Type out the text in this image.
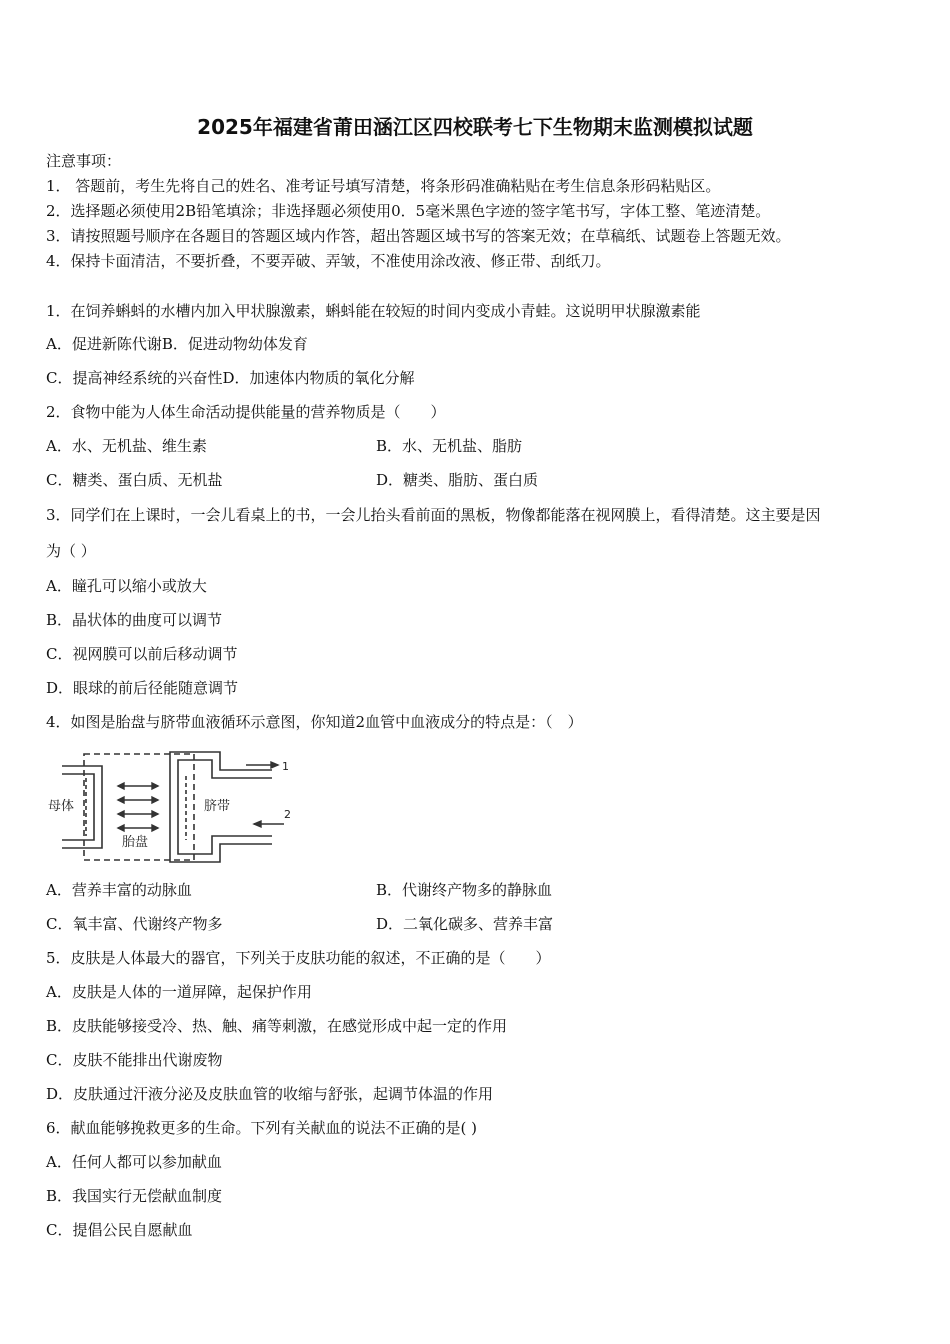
2025年福建省莆田涵江区四校联考七下生物期末监测模拟试题
注意事项：
1． 答题前，考生先将自己的姓名、准考证号填写清楚，将条形码准确粘贴在考生信息条形码粘贴区。
2．选择题必须使用2B铅笔填涂；非选择题必须使用0．5毫米黑色字迹的签字笔书写，字体工整、笔迹清楚。
3．请按照题号顺序在各题目的答题区域内作答，超出答题区域书写的答案无效；在草稿纸、试题卷上答题无效。
4．保持卡面清洁，不要折叠，不要弄破、弄皱，不准使用涂改液、修正带、刮纸刀。
1．在饲养蝌蚪的水槽内加入甲状腺激素，蝌蚪能在较短的时间内变成小青蛙。这说明甲状腺激素能
A．促进新陈代谢B．促进动物幼体发育
C．提高神经系统的兴奋性D．加速体内物质的氧化分解
2．食物中能为人体生命活动提供能量的营养物质是（　　）
A．水、无机盐、维生素	B．水、无机盐、脂肪
C．糖类、蛋白质、无机盐	D．糖类、脂肪、蛋白质
3．同学们在上课时，一会儿看桌上的书，一会儿抬头看前面的黑板，物像都能落在视网膜上，看得清楚。这主要是因
为（ ）
A．瞳孔可以缩小或放大
B．晶状体的曲度可以调节
C．视网膜可以前后移动调节
D．眼球的前后径能随意调节
4．如图是胎盘与脐带血液循环示意图，你知道2血管中血液成分的特点是：（　）
母体	脐带
胎盘
1
2
A．营养丰富的动脉血	B．代谢终产物多的静脉血
C．氧丰富、代谢终产物多	D．二氧化碳多、营养丰富
5．皮肤是人体最大的器官，下列关于皮肤功能的叙述，不正确的是（　　）
A．皮肤是人体的一道屏障，起保护作用
B．皮肤能够接受冷、热、触、痛等刺激，在感觉形成中起一定的作用
C．皮肤不能排出代谢废物
D．皮肤通过汗液分泌及皮肤血管的收缩与舒张，起调节体温的作用
6．献血能够挽救更多的生命。下列有关献血的说法不正确的是( )
A．任何人都可以参加献血
B．我国实行无偿献血制度
C．提倡公民自愿献血
